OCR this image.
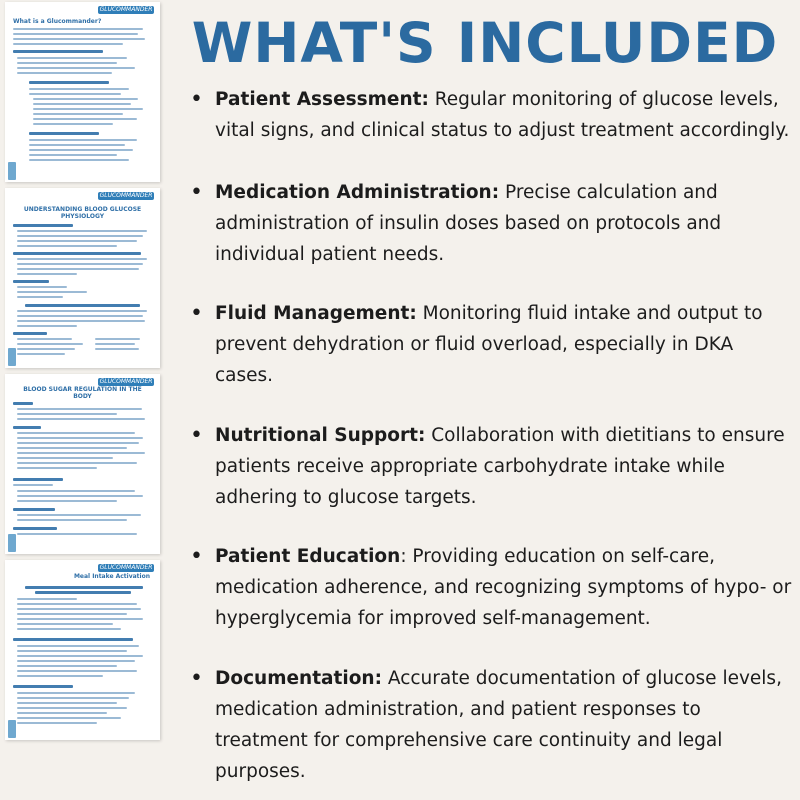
GLUCOMMANDER
What is a Glucommander?
GLUCOMMANDER
UNDERSTANDING BLOOD GLUCOSE PHYSIOLOGY
GLUCOMMANDER
BLOOD SUGAR REGULATION IN THE BODY
GLUCOMMANDER
Meal Intake Activation
WHAT'S INCLUDED
• Patient Assessment: Regular monitoring of glucose levels, vital signs, and clinical status to adjust treatment accordingly.
• Medication Administration: Precise calculation and administration of insulin doses based on protocols and individual patient needs.
• Fluid Management: Monitoring fluid intake and output to prevent dehydration or fluid overload, especially in DKA cases.
• Nutritional Support: Collaboration with dietitians to ensure patients receive appropriate carbohydrate intake while adhering to glucose targets.
• Patient Education: Providing education on self-care, medication adherence, and recognizing symptoms of hypo- or hyperglycemia for improved self-management.
• Documentation: Accurate documentation of glucose levels, medication administration, and patient responses to treatment for comprehensive care continuity and legal purposes.
